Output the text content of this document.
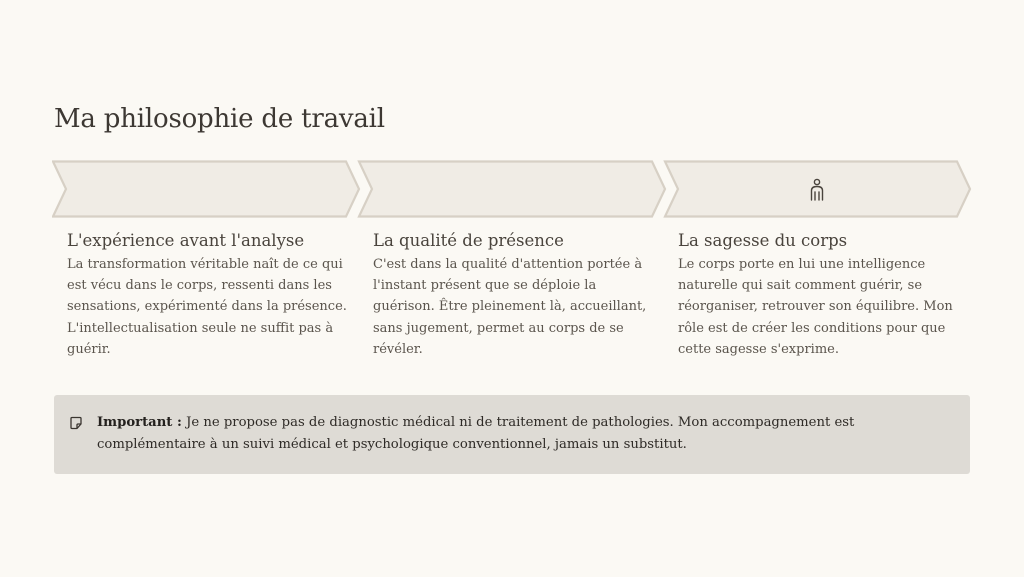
Ma philosophie de travail
L'expérience avant l'analyse

La transformation véritable naît de ce qui est vécu dans le corps, ressenti dans les sensations, expérimenté dans la présence. L'intellectualisation seule ne suffit pas à guérir.

La qualité de présence

C'est dans la qualité d'attention portée à l'instant présent que se déploie la guérison. Être pleinement là, accueillant, sans jugement, permet au corps de se révéler.

La sagesse du corps

Le corps porte en lui une intelligence naturelle qui sait comment guérir, se réorganiser, retrouver son équilibre. Mon rôle est de créer les conditions pour que cette sagesse s'exprime.

Important : Je ne propose pas de diagnostic médical ni de traitement de pathologies. Mon accompagnement est complémentaire à un suivi médical et psychologique conventionnel, jamais un substitut.
